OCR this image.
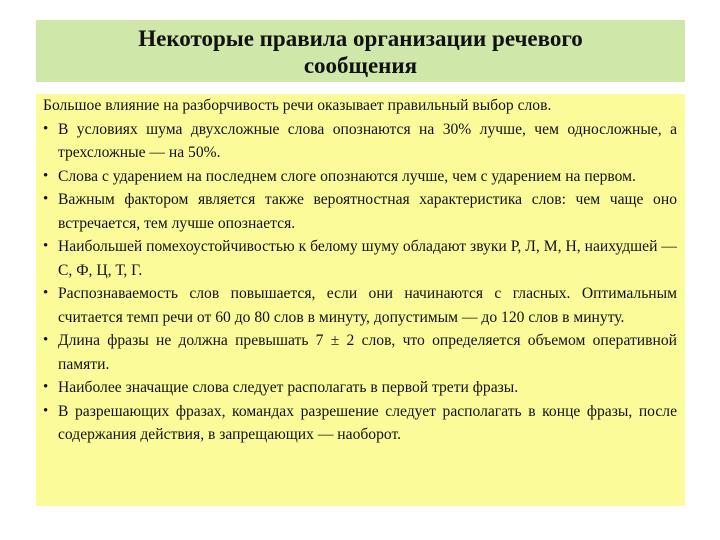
Некоторые правила организации речевого
сообщения

Большое влияние на разборчивость речи оказывает правильный выбор слов.

• В условиях шума двухсложные слова опознаются на 30% лучше, чем односложные, а трехсложные — на 50%.
• Слова с ударением на последнем слоге опознаются лучше, чем с ударением на первом.
• Важным фактором является также вероятностная характеристика слов: чем чаще оно встречается, тем лучше опознается.
• Наибольшей помехоустойчивостью к белому шуму обладают звуки Р, Л, М, Н, наихудшей — С, Ф, Ц, Т, Г.
• Распознаваемость слов повышается, если они начинаются с гласных. Оптимальным считается темп речи от 60 до 80 слов в минуту, допустимым — до 120 слов в минуту.
• Длина фразы не должна превышать 7 ± 2 слов, что определяется объемом оперативной памяти.
• Наиболее значащие слова следует располагать в первой трети фразы.
• В разрешающих фразах, командах разрешение следует располагать в конце фразы, после содержания действия, в запрещающих — наоборот.
